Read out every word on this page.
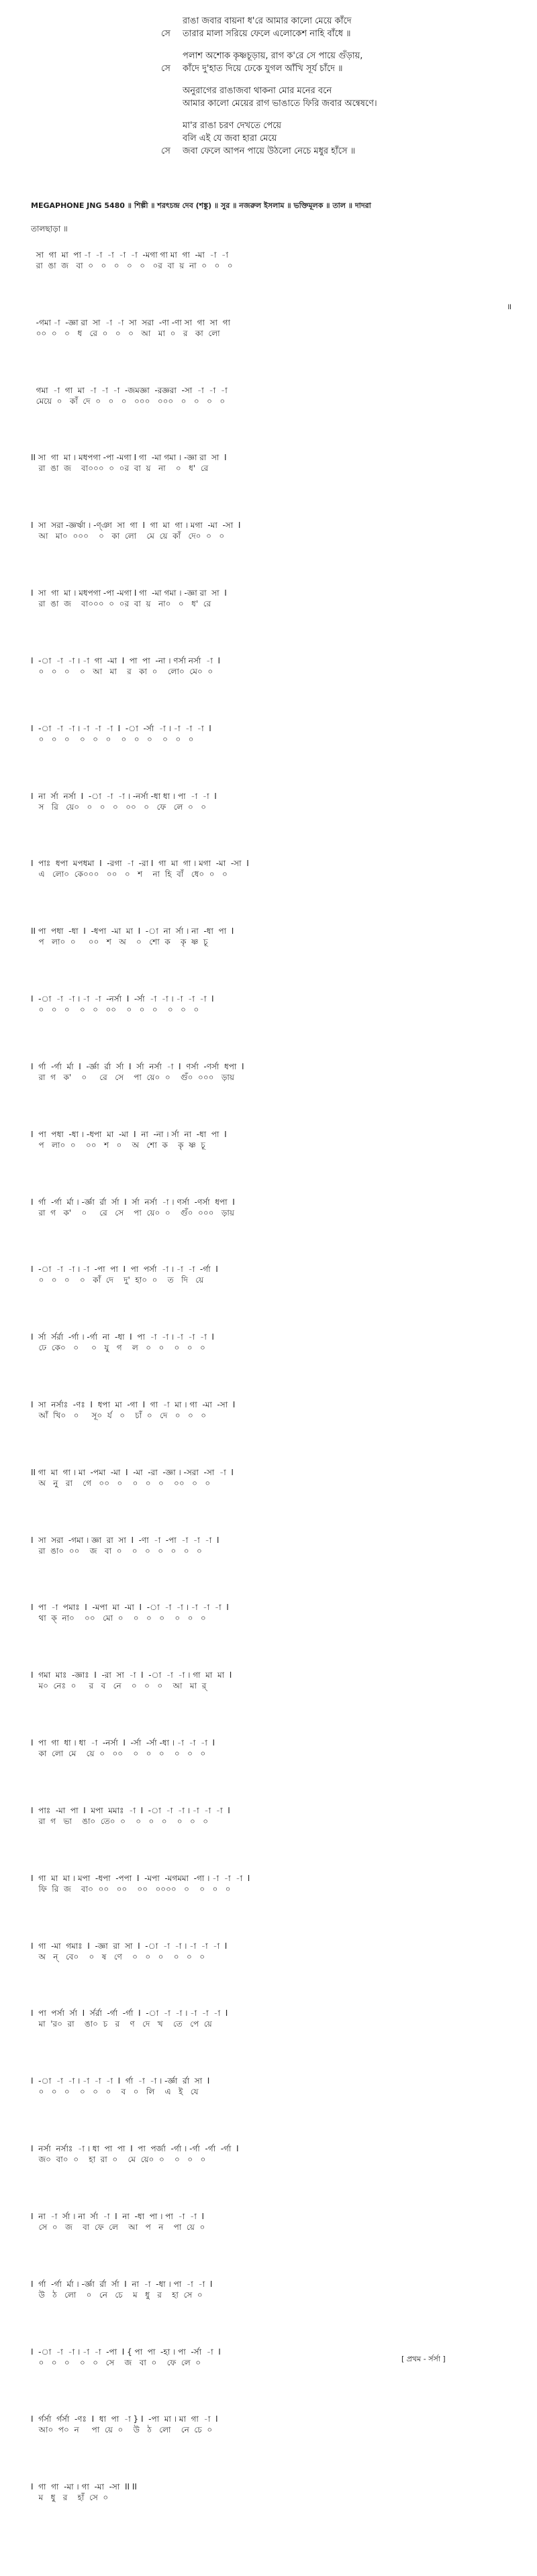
রাঙা জবার বায়না ধ'রে আমার কালো মেয়ে কাঁদে
সে	তারার মালা সরিয়ে ফেলে এলোকেশ নাহি বাঁধে ॥
পলাশ অশোক কৃষ্ণচূড়ায়, রাগ ক'রে সে পায়ে গুঁড়ায়,
সে	কাঁদে দু'হাত দিয়ে ঢেকে যুগল আঁখি সূর্য চাঁদে ॥
অনুরাগের রাঙাজবা থাকনা মোর মনের বনে
আমার কালো মেয়ের রাগ ভাঙাতে ফিরি জবার অন্বেষণে।
মা'র রাঙা চরণ দেখতে পেয়ে
বলি এই যে জবা হারা মেয়ে
সে	জবা ফেলে আপন পায়ে উঠলো নেচে মধুর হাঁসে ॥
MEGAPHONE JNG 5480 ॥ শিল্পী ॥ শরৎচন্দ্র দেব (শঙ্কু) ॥ সুর ॥ নজরুল ইসলাম ॥ ভক্তিমূলক ॥ তাল ॥ দাদরা
তালছাড়া ॥
॥
[ প্রথম - র্সর্সা ]
সা  গা  মা  পা -া  -া  -া  -া  -া  -মগা গা মা  গা  -মা  -া  -া
রা  ঙা  জ   বা  ০   ০   ০   ০   ০   ০র  বা  য়  না  ০   ০   ০
-গমা -া  -জ্ঞা রা  সা  -া  -া  সা  সরা  -ণা -ণা সা  গা  সা  গা
০০  ০   ০   ধ   রে  ০   ০   ০   আ   মা  ০   র   কা  লো
গমা  -া  গা  মা  -া  -া  -া  -জমজ্ঞা  -রজ্ঞরা  -সা  -া  -া  -া
মেয়ে  ০   কাঁ  দে  ০   ০   ০   ০০০   ০০০   ০   ০   ০   ০
II সা  গা  মা । মধপগা -পা -মগা I গা  -মা গমা । -জ্ঞা রা  সা  I
রা  ঙা  জ    বা০০০  ০  ০র  বা  য়   না    ০   ধ'  রে
I  সা  সরা -জ্ঞর্ঋা । -ণ্ঞা  সা  গা  I  গা  মা  গা । মগা  -মা  -সা  I
আ   মা০  ০০০    ০   কা  লো    মে  য়ে  কাঁ   দে০  ০   ০
I  সা  গা  মা । মধপগা -পা -মগা I গা  -মা গমা । -জ্ঞা রা  সা  I
রা  ঙা  জ    বা০০০  ০  ০র  বা  য়   না০   ০   ধ'  রে
I  -া  -া  -া । -া  গা  -মা  I  পা  পা  -না । ণর্সা নর্সা  -া  I
০   ০   ০    ০   আ   মা    র   কা  ০    লো০  মে০  ০
I  -া  -া  -া । -া  -া  -া  I  -া  -র্সা  -া । -া  -া  -া  I
০   ০   ০    ০   ০   ০    ০   ০   ০    ০   ০   ০
I  না  র্সা  নর্সা  I  -া  -া  -া । -নর্সা -ধা ধা । পা  -া  -া  I
স   রি   য়ে০   ০   ০   ০   ০০   ০   ফে   লে  ০   ০
I  পাঃ  ধপা  মপধমা  I  -রগা  -া  -রা I  গা  মা  গা । মগা  -মা  -সা  I
এ   লো০  কে০০০   ০০   ০   শ    না  হি  বাঁ   ধে০  ০   ০
II পা  পধা  -ধা  I  -ধপা  -মা  মা  I  -া  না  র্সা । না  -ধা  পা  I
প   লা০  ০     ০০   শ   অ    ০   শো  ক    কৃ  ষ্ণ  চূ
I  -া  -া  -া । -া  -া  -নর্সা  I  -র্সা  -া  -া । -া  -া  -া  I
০   ০   ০    ০   ০   ০০    ০   ০   ০    ০   ০   ০
I  র্গা  -র্গা  র্মা  I  -র্জ্ঞা  র্রা  র্সা  I  র্সা  নর্সা  -া  I  ণর্সা  -ণর্সা  ধপা  I
রা  গ   ক'    ০     রে   সে    পা  য়ে০  ০    গুঁ০  ০০০   ড়ায়
I  পা  পধা  -ধা । -ধপা  মা  -মা  I  না  -না । র্সা  না  -ধা  পা  I
প   লা০  ০    ০০   শ   ০    অ   শো  ক    কৃ  ষ্ণ  চূ
I  র্গা  -র্গা  র্মা । -র্জ্ঞা  র্রা  র্সা  I  র্সা  নর্সা  -া । ণর্সা  -ণর্সা  ধপা  I
রা  গ   ক'    ০     রে   সে    পা  য়ে০  ০    গুঁ০  ০০০   ড়ায়
I  -া  -া  -া । -া  -পা  পা  I  পা  পর্সা  -া । -া  -া  -র্গা  I
০   ০   ০    ০   কাঁ  দে    দু'  হা০  ০    ত   দি   য়ে
I  র্সা  র্সর্রা  -র্গা । -র্গা  না  -ধা  I  পা  -া  -া । -া  -া  -া  I
ঢে  কে০   ০     ০   যু   গ    ল   ০   ০    ০   ০   ০
I  সা  নর্সাঃ  -ণঃ  I  ধপা  মা  -গা  I  গা  -া  মা । গা  -মা  -সা  I
আঁ  খি০   ০     সূ০  র্য   ০    চাঁ  ০   দে   ০   ০   ০
II গা  মা  গা । মা  -পমা  -মা  I  -মা  -রা  -জ্ঞা । -সরা  -সা  -া  I
অ   নু   রা    গে   ০০   ০    ০   ০   ০    ০০   ০   ০
I  সা  সরা  -গমা । জ্ঞা  রা  সা  I  -ণা  -া  -পা  -া  -া  -া  I
রা  ঙা০  ০০    জ   বা  ০    ০   ০   ০   ০   ০   ০
I  পা  -া  পমাঃ  I  -মপা  মা  -মা  I  -া  -া  -া । -া  -া  -া  I
থা  ক্  না০    ০০   মো  ০    ০   ০   ০    ০   ০   ০
I  গমা  মাঃ  -জ্ঞাঃ  I  -রা  সা  -া  I  -া  -া  -া । গা  মা  মা  I
ম০  নেঃ  ০     র   ব   নে    ০   ০   ০    আ   মা  র্
I  পা  গা  ধা । ধা  -া  -নর্সা  I  -র্সা  -র্সা -ধা । -া  -া  -া  I
কা  লো  মে    য়ে  ০   ০০    ০   ০   ০    ০   ০   ০
I  পাঃ  -মা  পা  I  মপা  মমাঃ  -া  I  -া  -া  -া । -া  -া  -া  I
রা  গ   ভা    ঙা০  তে০  ০    ০   ০   ০    ০   ০   ০
I  গা  মা  মা । মপা  -ধপা  -পপা  I  -মপা  -মগমমা  -গা । -া  -া  -া  I
ফি  রি  জ    বা০  ০০   ০০    ০০   ০০০০   ০    ০   ০   ০
I  গা  -মা  গমাঃ  I  -জ্ঞা  রা  সা  I  -া  -া  -া । -া  -া  -া  I
অ   ন্   বে০    ০   ষ   ণে    ০   ০   ০    ০   ০   ০
I  পা  পর্সা  র্সা  I  র্সর্রা  -র্গা  -র্গা  I  -া  -া  -া । -া  -া  -া  I
মা  'র০  রা    ঙা০  চ   র    ণ   দে   খ    তে   পে  য়ে
I  -া  -া  -া । -া  -া  -া  I  র্গা  -া  -া । -র্জ্ঞা  র্রা  সা  I
০   ০   ০    ০   ০   ০    ব   ০   লি    এ   ই   যে
I  নর্সা  নর্সাঃ  -া । ধা  পা  পা  I  পা  পর্জা  -র্গা । -র্গা  -র্গা  -র্গা  I
জ০  বা০  ০    হা  রা  ০    মে  য়ে০  ০    ০   ০   ০
I  না  -া  র্সা । না  র্সা  -া  I  না  -ধা  পা । পা  -া  -া  I
সে  ০   জ    বা  ফে  লে    আ   প   ন    পা  য়ে  ০
I  র্গা  -র্গা  র্মা । -র্জ্ঞা  র্রা  র্সা  I  না  -া  -ধা । পা  -া  -া  I
উ   ঠ   লো    ০   নে   চে    ম   ধু   র    হা  সে  ০
I  -া  -া  -া । -া  -া  -পা  I { পা  পা  -হা । পা  -র্সা  -া  I
০   ০   ০    ০   ০   সে    জ   বা  ০    ফে  লে  ০
I  র্গর্সা  র্গর্সা  -ণঃ  I  ধা  পা  -া } I  -পা  মা । মা  গা  -া  I
আ০  প০  ন     পা  য়ে  ০    উ   ঠ   লো    নে  চে  ০
I  গা  গা  -মা । গা  -মা  -সা  II II
ম   ধু   র    হাঁ  সে  ০
